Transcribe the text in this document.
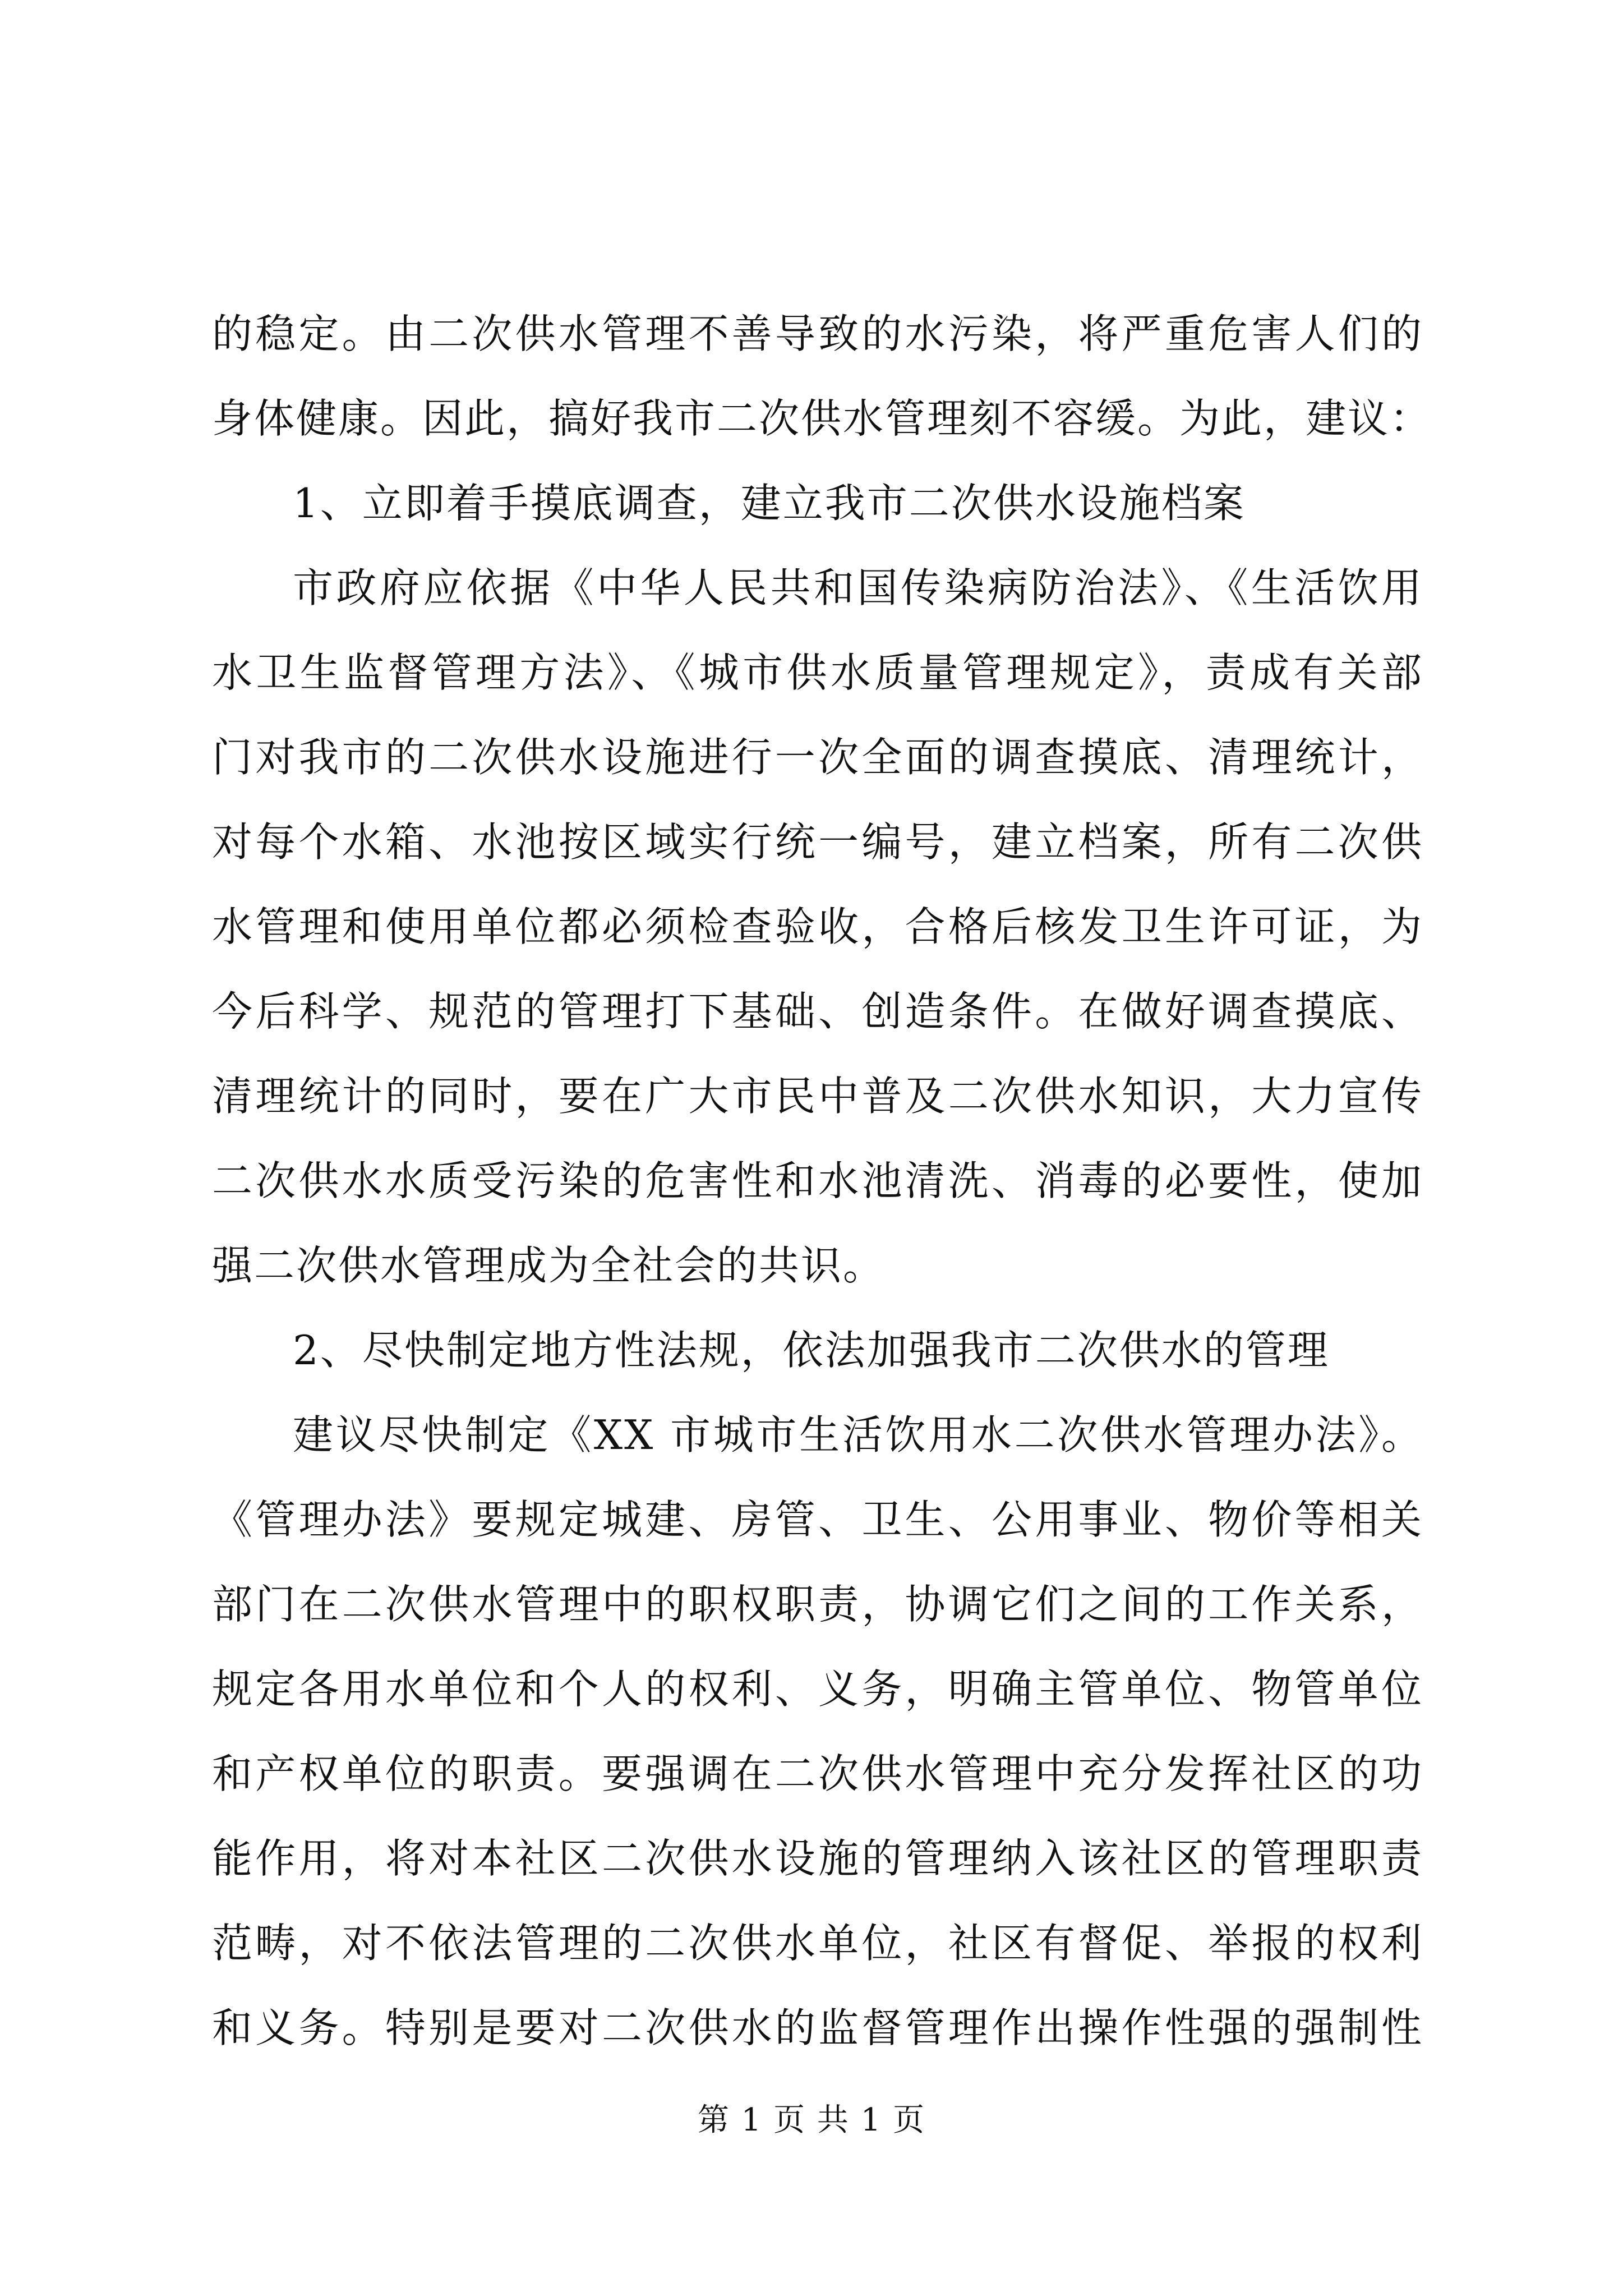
的稳定。由二次供水管理不善导致的水污染，将严重危害人们的
身体健康。因此，搞好我市二次供水管理刻不容缓。为此，建议：
1、立即着手摸底调查，建立我市二次供水设施档案
市政府应依据《中华人民共和国传染病防治法》、《生活饮用
水卫生监督管理方法》、《城市供水质量管理规定》，责成有关部
门对我市的二次供水设施进行一次全面的调查摸底、清理统计，
对每个水箱、水池按区域实行统一编号，建立档案，所有二次供
水管理和使用单位都必须检查验收，合格后核发卫生许可证，为
今后科学、规范的管理打下基础、创造条件。在做好调查摸底、
清理统计的同时，要在广大市民中普及二次供水知识，大力宣传
二次供水水质受污染的危害性和水池清洗、消毒的必要性，使加
强二次供水管理成为全社会的共识。
2、尽快制定地方性法规，依法加强我市二次供水的管理
建议尽快制定《XX 市城市生活饮用水二次供水管理办法》。
《管理办法》要规定城建、房管、卫生、公用事业、物价等相关
部门在二次供水管理中的职权职责，协调它们之间的工作关系，
规定各用水单位和个人的权利、义务，明确主管单位、物管单位
和产权单位的职责。要强调在二次供水管理中充分发挥社区的功
能作用，将对本社区二次供水设施的管理纳入该社区的管理职责
范畴，对不依法管理的二次供水单位，社区有督促、举报的权利
和义务。特别是要对二次供水的监督管理作出操作性强的强制性
第 1 页 共 1 页
